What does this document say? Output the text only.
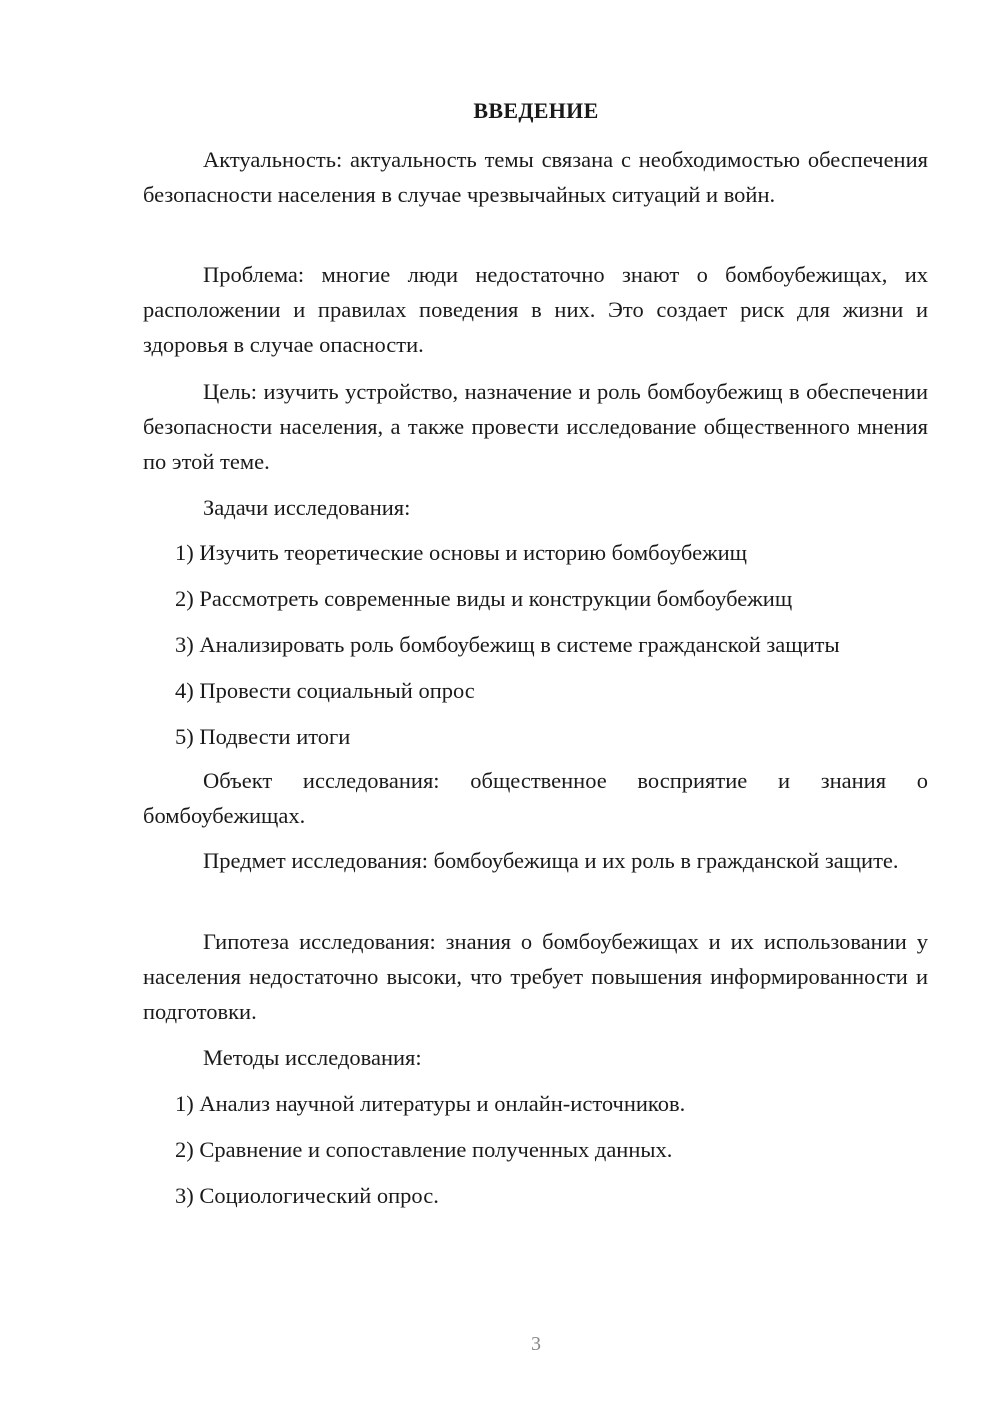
ВВЕДЕНИЕ

Актуальность: актуальность темы связана с необходимостью обеспечения безопасности населения в случае чрезвычайных ситуаций и войн.

Проблема: многие люди недостаточно знают о бомбоубежищах, их расположении и правилах поведения в них. Это создает риск для жизни и здоровья в случае опасности.

Цель: изучить устройство, назначение и роль бомбоубежищ в обеспечении безопасности населения, а также провести исследование общественного мнения по этой теме.

Задачи исследования:

1) Изучить теоретические основы и историю бомбоубежищ

2) Рассмотреть современные виды и конструкции бомбоубежищ

3) Анализировать роль бомбоубежищ в системе гражданской защиты

4) Провести социальный опрос

5) Подвести итоги

Объект исследования: общественное восприятие и знания о бомбоубежищах.

Предмет исследования: бомбоубежища и их роль в гражданской защите.

Гипотеза исследования: знания о бомбоубежищах и их использовании у населения недостаточно высоки, что требует повышения информированности и подготовки.

Методы исследования:

1) Анализ научной литературы и онлайн-источников.

2) Сравнение и сопоставление полученных данных.

3) Социологический опрос.

3
